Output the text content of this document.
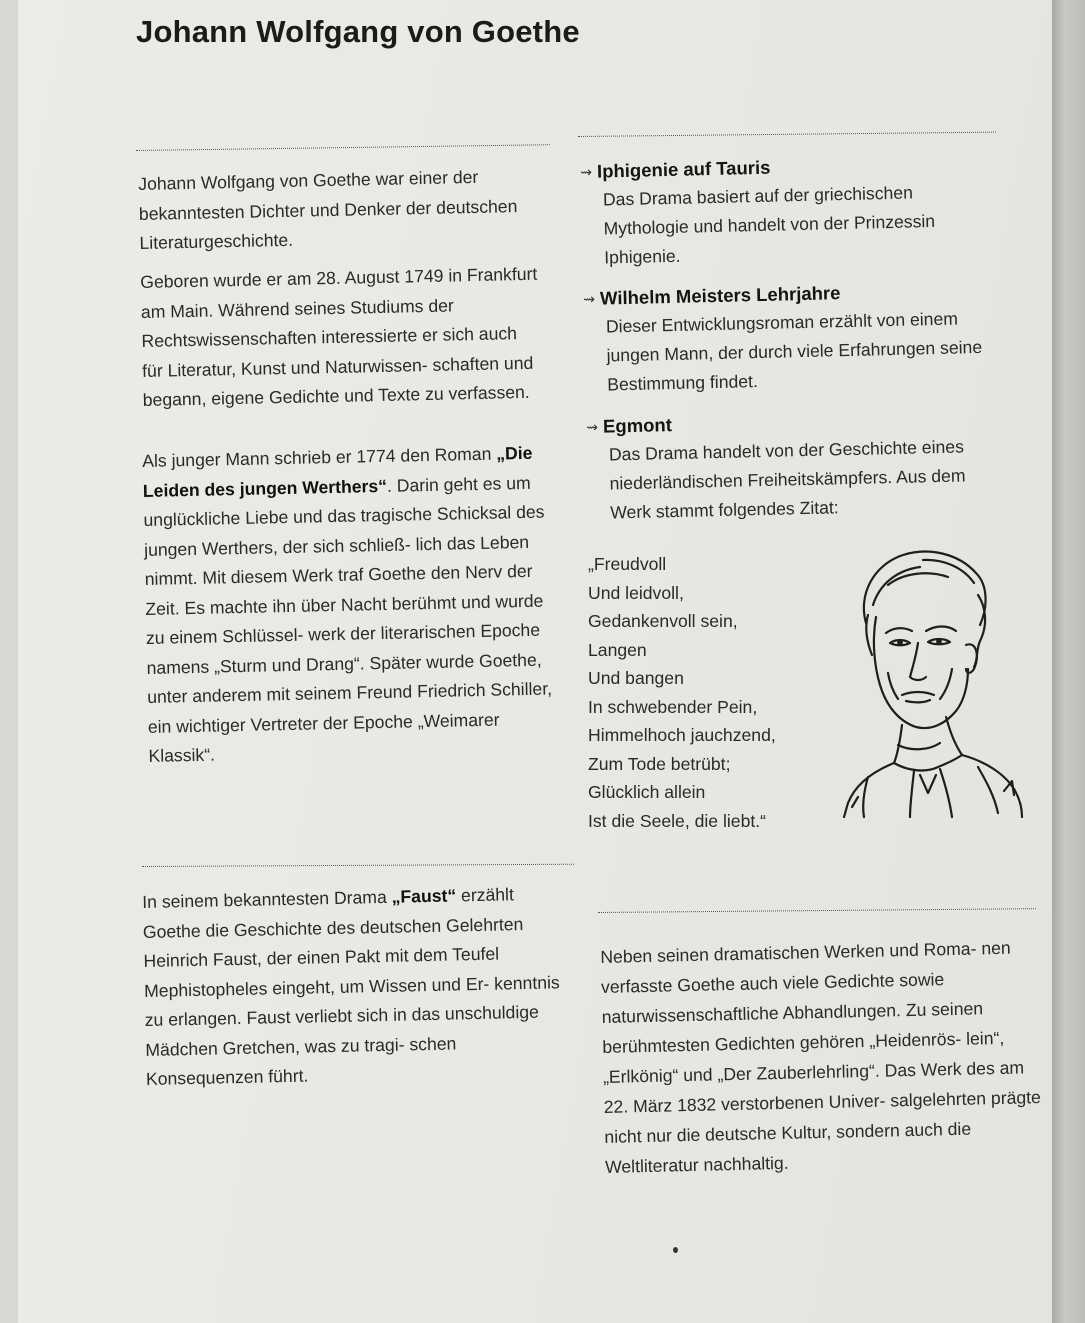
Johann Wolfgang von Goethe

Johann Wolfgang von Goethe war einer der bekanntesten Dichter und Denker der deutschen Literaturgeschichte.

Geboren wurde er am 28. August 1749 in Frankfurt am Main. Während seines Studiums der Rechtswissenschaften interessierte er sich auch für Literatur, Kunst und Naturwissen- schaften und begann, eigene Gedichte und Texte zu verfassen.

Als junger Mann schrieb er 1774 den Roman „Die Leiden des jungen Werthers“. Darin geht es um unglückliche Liebe und das tragische Schicksal des jungen Werthers, der sich schließ- lich das Leben nimmt. Mit diesem Werk traf Goethe den Nerv der Zeit. Es machte ihn über Nacht berühmt und wurde zu einem Schlüssel- werk der literarischen Epoche namens „Sturm und Drang“. Später wurde Goethe, unter anderem mit seinem Freund Friedrich Schiller, ein wichtiger Vertreter der Epoche „Weimarer Klassik“.

In seinem bekanntesten Drama „Faust“ erzählt Goethe die Geschichte des deutschen Gelehrten Heinrich Faust, der einen Pakt mit dem Teufel Mephistopheles eingeht, um Wissen und Er- kenntnis zu erlangen. Faust verliebt sich in das unschuldige Mädchen Gretchen, was zu tragi- schen Konsequenzen führt.

⇝ Iphigenie auf Tauris
Das Drama basiert auf der griechischen Mythologie und handelt von der Prinzessin Iphigenie.
⇝ Wilhelm Meisters Lehrjahre
Dieser Entwicklungsroman erzählt von einem jungen Mann, der durch viele Erfahrungen seine Bestimmung findet.
⇝ Egmont
Das Drama handelt von der Geschichte eines niederländischen Freiheitskämpfers. Aus dem Werk stammt folgendes Zitat:
„Freudvoll
Und leidvoll,
Gedankenvoll sein,
Langen
Und bangen
In schwebender Pein,
Himmelhoch jauchzend,
Zum Tode betrübt;
Glücklich allein
Ist die Seele, die liebt.“

Neben seinen dramatischen Werken und Roma- nen verfasste Goethe auch viele Gedichte sowie naturwissenschaftliche Abhandlungen. Zu seinen berühmtesten Gedichten gehören „Heidenrös- lein“, „Erlkönig“ und „Der Zauberlehrling“. Das Werk des am 22. März 1832 verstorbenen Univer- salgelehrten prägte nicht nur die deutsche Kultur, sondern auch die Weltliteratur nachhaltig.
